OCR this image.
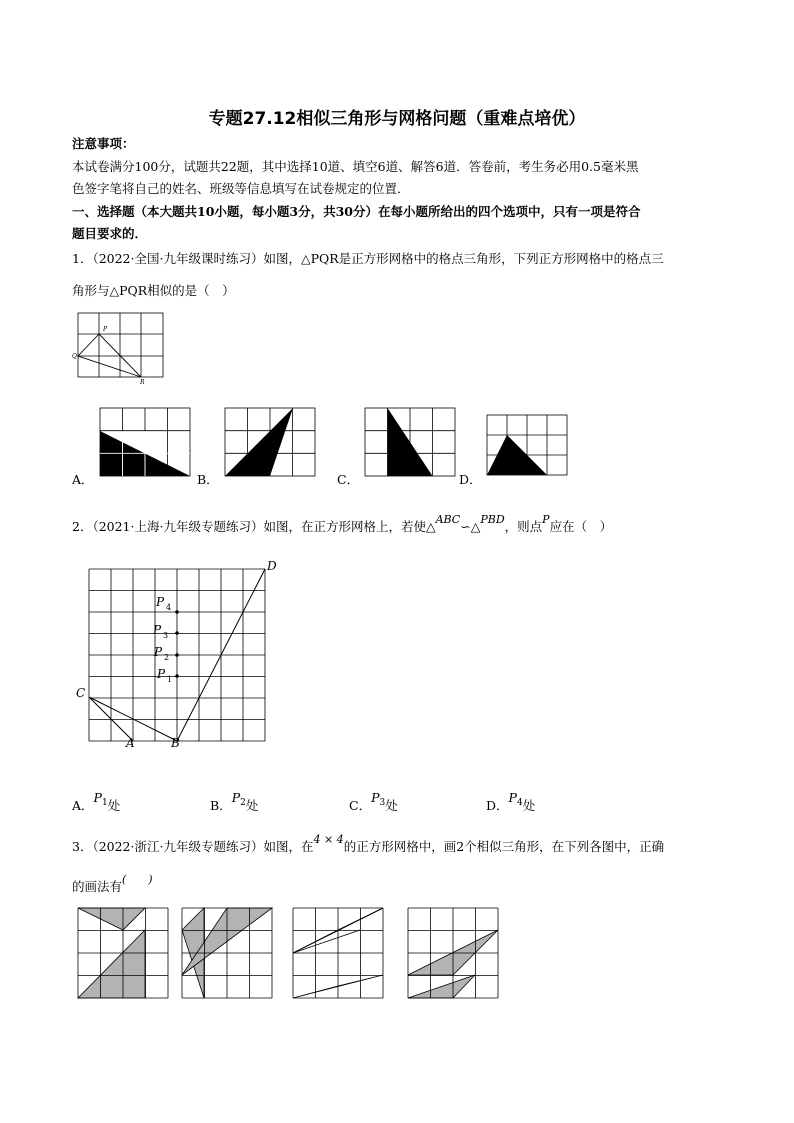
专题27.12相似三角形与网格问题（重难点培优）
注意事项：
本试卷满分100分，试题共22题，其中选择10道、填空6道、解答6道．答卷前，考生务必用0.5毫米黑
色签字笔将自己的姓名、班级等信息填写在试卷规定的位置．
一、选择题（本大题共10小题，每小题3分，共30分）在每小题所给出的四个选项中，只有一项是符合
题目要求的．
1．（2022·全国·九年级课时练习）如图，△PQR是正方形网格中的格点三角形，下列正方形网格中的格点三
角形与△PQR相似的是（　）
P
Q
R
A．	B．	C．	D．
2．（2021·上海·九年级专题练习）如图，在正方形网格上，若使△ABC∽△PBD，则点P应在（　）
C
A	B
D
P 4
P 3
P 2
P 1
A．$P^1$处	B．$P^2$处	C．$P^3$处	D．$P^4$处
3．（2022·浙江·九年级专题练习）如图，在4 × 4的正方形网格中，画2个相似三角形，在下列各图中，正确
的画法有(　　)
